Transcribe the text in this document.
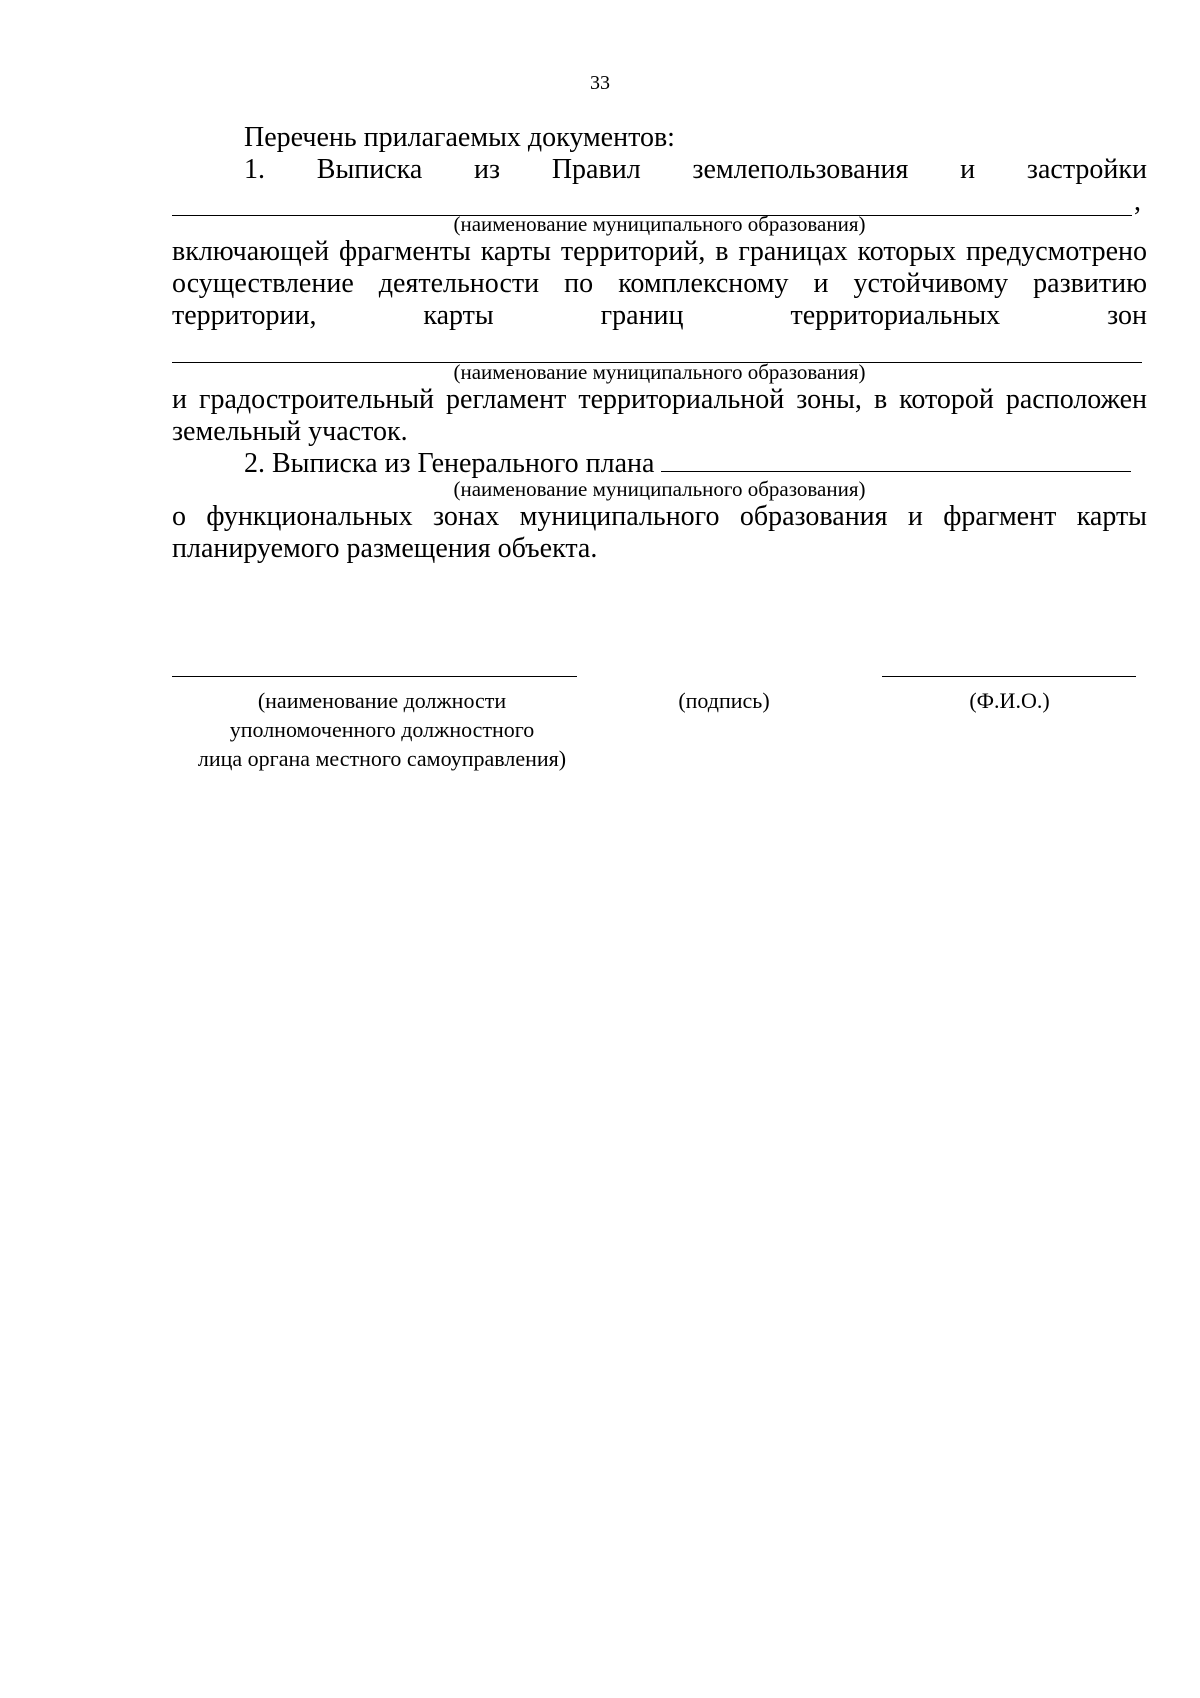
33

Перечень прилагаемых документов:

1. Выписка из Правил землепользования и застройки

,
(наименование муниципального образования)
включающей фрагменты карты территорий, в границах которых предусмотрено
осуществление деятельности по комплексному и устойчивому развитию
территории, карты границ территориальных зон
(наименование муниципального образования)
и градостроительный регламент территориальной зоны, в которой расположен
земельный участок.

2. Выписка из Генерального плана

(наименование муниципального образования)
о функциональных зонах муниципального образования и фрагмент карты
планируемого размещения объекта.
(наименование должности
уполномоченного должностного
лица органа местного самоуправления)
(подпись)	(Ф.И.О.)
